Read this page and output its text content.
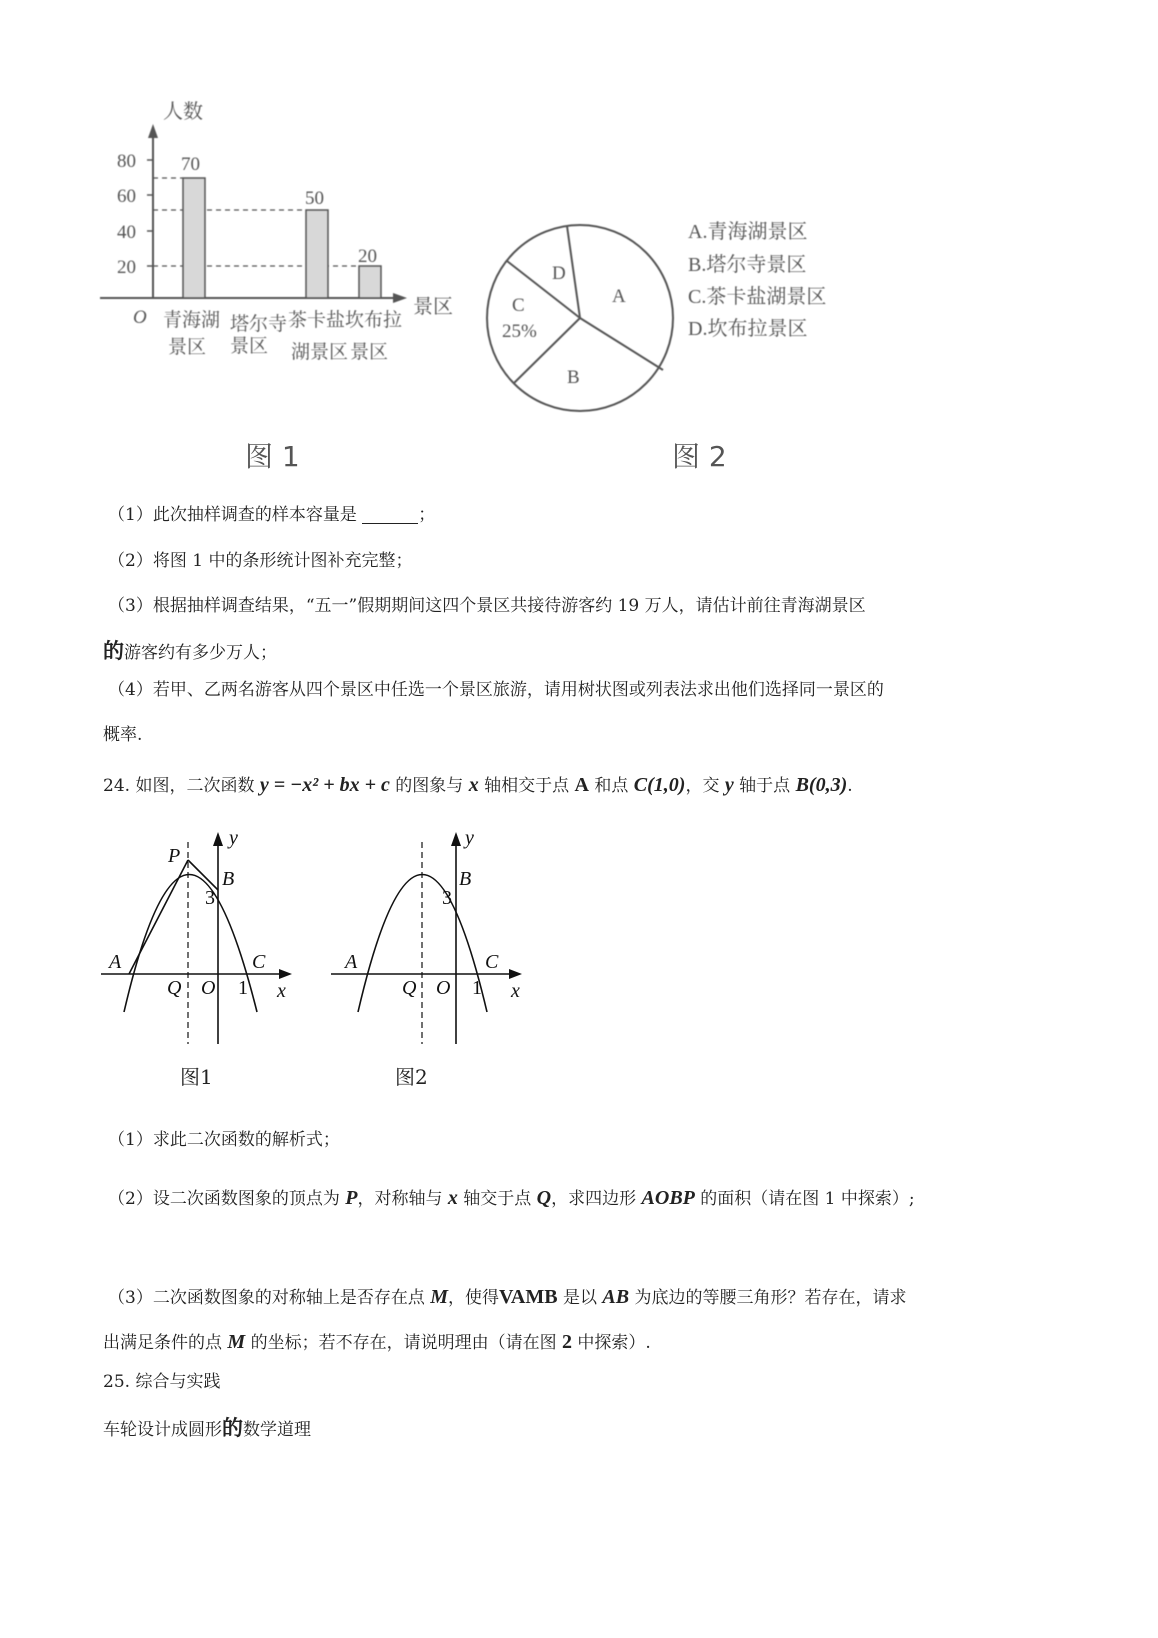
人数
80
60
40
20
70
50
20
O	景区
青海湖
景区
塔尔寺
景区
茶卡盐
湖景区
坎布拉
景区
图 1
A
B
C
25%
D
A.青海湖景区
B.塔尔寺景区
C.茶卡盐湖景区
D.坎布拉景区
图 2
（1）此次抽样调查的样本容量是	；
（2）将图 1 中的条形统计图补充完整；
（3）根据抽样调查结果，“五一”假期期间这四个景区共接待游客约 19 万人，请估计前往青海湖景区
的游客约有多少万人；
（4）若甲、乙两名游客从四个景区中任选一个景区旅游，请用树状图或列表法求出他们选择同一景区的
概率.
24. 如图，二次函数 y = −x² + bx + c 的图象与 x 轴相交于点 A 和点 C(1,0)，交 y 轴于点 B(0,3).
P
y
B
3
A	C
Q O 1 x
图1
y
B
3
A	C
Q O 1 x
图2
（1）求此二次函数的解析式；
（2）设二次函数图象的顶点为 P，对称轴与 x 轴交于点 Q，求四边形 AOBP 的面积（请在图 1 中探索）;
（3）二次函数图象的对称轴上是否存在点 M，使得VAMB 是以 AB 为底边的等腰三角形？若存在，请求
出满足条件的点 M 的坐标；若不存在，请说明理由（请在图 2 中探索）.
25. 综合与实践
车轮设计成圆形的数学道理
